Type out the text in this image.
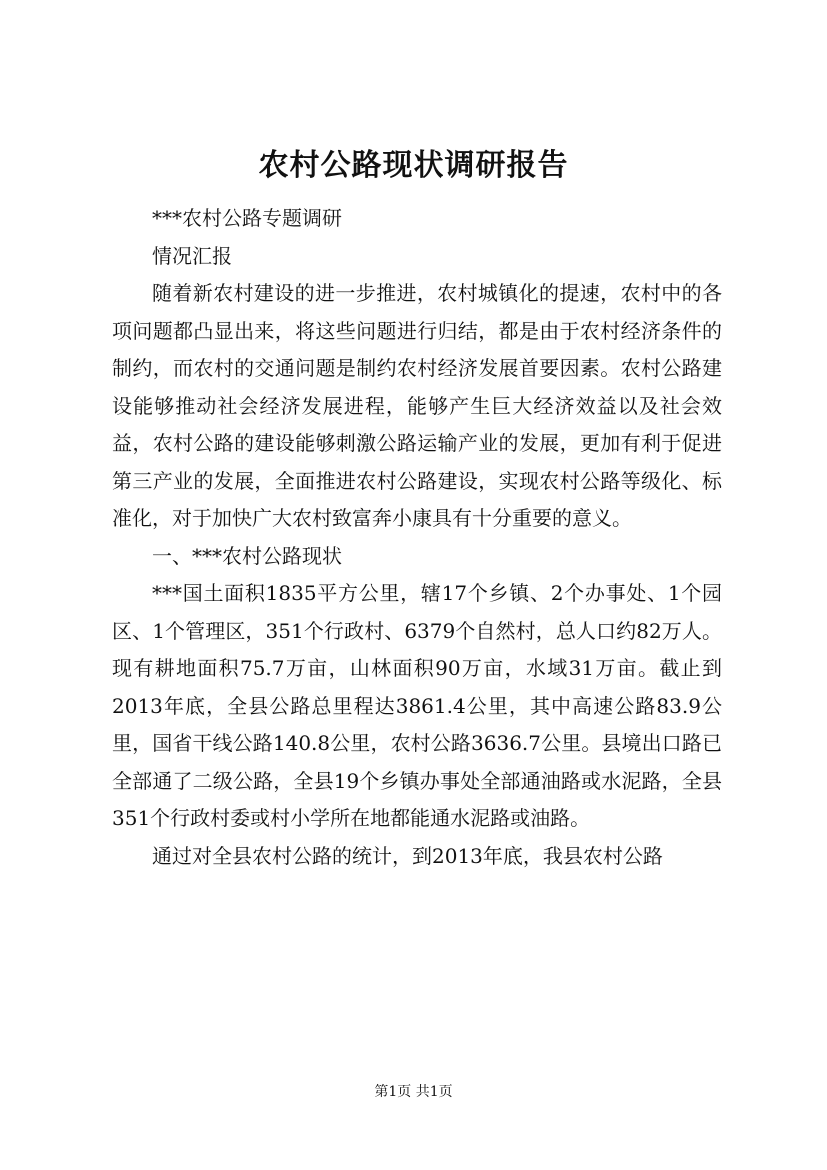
农村公路现状调研报告

***农村公路专题调研

情况汇报

随着新农村建设的进一步推进，农村城镇化的提速，农村中的各项问题都凸显出来，将这些问题进行归结，都是由于农村经济条件的制约，而农村的交通问题是制约农村经济发展首要因素。农村公路建设能够推动社会经济发展进程，能够产生巨大经济效益以及社会效益，农村公路的建设能够刺激公路运输产业的发展，更加有利于促进第三产业的发展，全面推进农村公路建设，实现农村公路等级化、标准化，对于加快广大农村致富奔小康具有十分重要的意义。

一、***农村公路现状

***国土面积1835平方公里，辖17个乡镇、2个办事处、1个园区、1个管理区，351个行政村、6379个自然村，总人口约82万人。现有耕地面积75.7万亩，山林面积90万亩，水域31万亩。截止到2013年底，全县公路总里程达3861.4公里，其中高速公路83.9公里，国省干线公路140.8公里，农村公路3636.7公里。县境出口路已全部通了二级公路，全县19个乡镇办事处全部通油路或水泥路，全县351个行政村委或村小学所在地都能通水泥路或油路。

通过对全县农村公路的统计，到2013年底，我县农村公路

第1页 共1页
